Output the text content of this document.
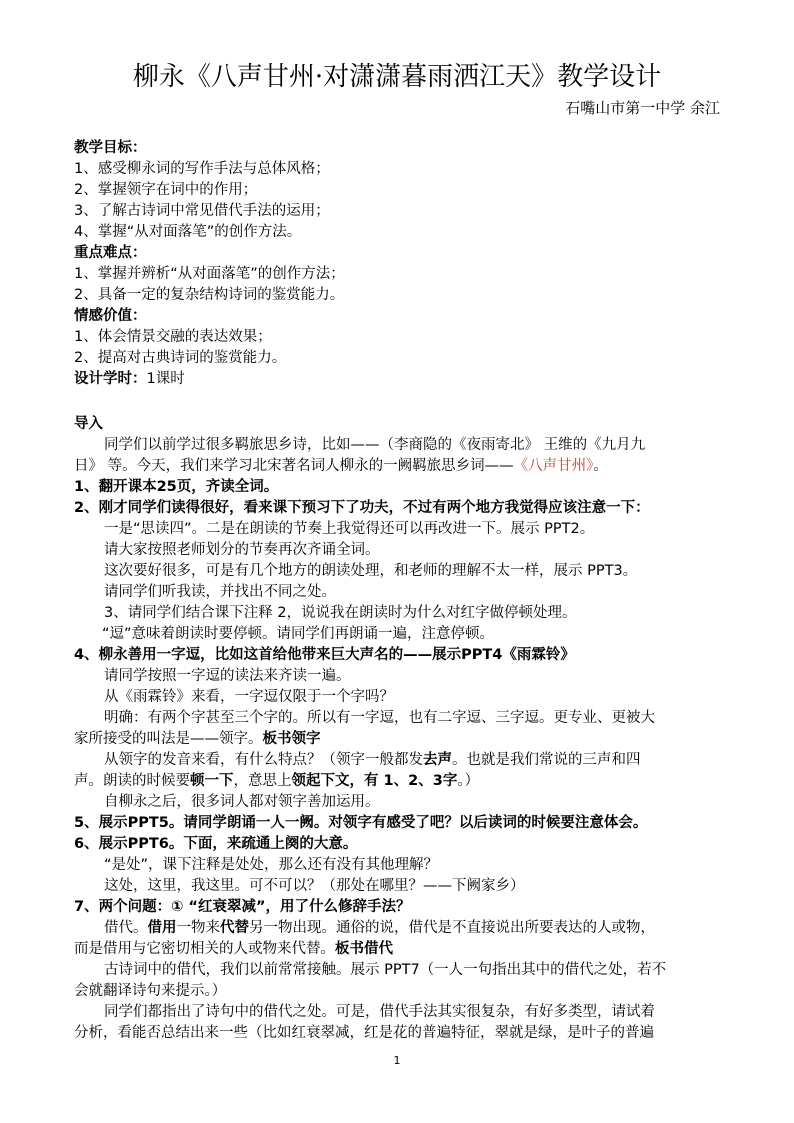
柳永《八声甘州·对潇潇暮雨洒江天》教学设计
石嘴山市第一中学 余江
教学目标：
1、感受柳永词的写作手法与总体风格；
2、掌握领字在词中的作用；
3、了解古诗词中常见借代手法的运用；
4、掌握“从对面落笔”的创作方法。
重点难点：
1、掌握并辨析“从对面落笔”的创作方法；
2、具备一定的复杂结构诗词的鉴赏能力。
情感价值：
1、体会情景交融的表达效果；
2、提高对古典诗词的鉴赏能力。
设计学时：1课时
导入
同学们以前学过很多羁旅思乡诗，比如——（李商隐的《夜雨寄北》 王维的《九月九
日》 等。今天，我们来学习北宋著名词人柳永的一阙羁旅思乡词——《八声甘州》。
1、翻开课本25页，齐读全词。
2、刚才同学们读得很好，看来课下预习下了功夫，不过有两个地方我觉得应该注意一下：
一是“思读四”。二是在朗读的节奏上我觉得还可以再改进一下。展示 PPT2。
请大家按照老师划分的节奏再次齐诵全词。
这次要好很多，可是有几个地方的朗读处理，和老师的理解不太一样，展示 PPT3。
请同学们听我读，并找出不同之处。
3、请同学们结合课下注释 2，说说我在朗读时为什么对红字做停顿处理。
“逗”意味着朗读时要停顿。请同学们再朗诵一遍，注意停顿。
4、柳永善用一字逗，比如这首给他带来巨大声名的——展示PPT4《雨霖铃》
请同学按照一字逗的读法来齐读一遍。
从《雨霖铃》来看，一字逗仅限于一个字吗？
明确：有两个字甚至三个字的。所以有一字逗，也有二字逗、三字逗。更专业、更被大
家所接受的叫法是——领字。板书领字
从领字的发音来看，有什么特点？（领字一般都发去声。也就是我们常说的三声和四
声。朗读的时候要顿一下，意思上领起下文，有 1、2、3字。）
自柳永之后，很多词人都对领字善加运用。
5、展示PPT5。请同学朗诵一人一阙。对领字有感受了吧？以后读词的时候要注意体会。
6、展示PPT6。下面，来疏通上阕的大意。
“是处”，课下注释是处处，那么还有没有其他理解？
这处，这里，我这里。可不可以？（那处在哪里？——下阙家乡）
7、两个问题：① “红衰翠减”，用了什么修辞手法？
借代。借用一物来代替另一物出现。通俗的说，借代是不直接说出所要表达的人或物，
而是借用与它密切相关的人或物来代替。板书借代
古诗词中的借代，我们以前常常接触。展示 PPT7（一人一句指出其中的借代之处，若不
会就翻译诗句来提示。）
同学们都指出了诗句中的借代之处。可是，借代手法其实很复杂，有好多类型，请试着
分析，看能否总结出来一些（比如红衰翠减，红是花的普遍特征，翠就是绿，是叶子的普遍
1
